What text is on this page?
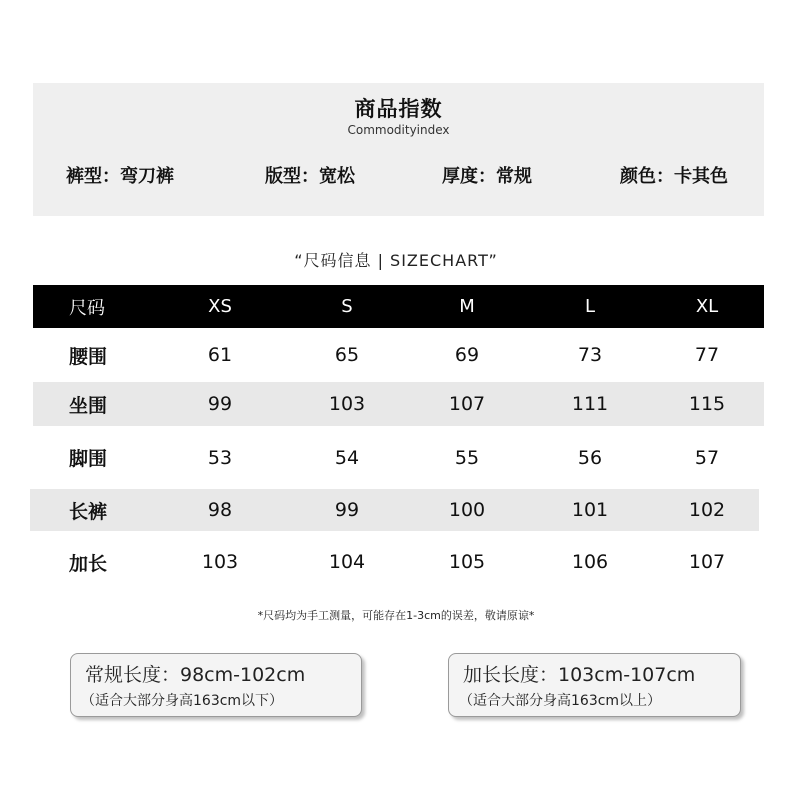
商品指数
Commodityindex
裤型：弯刀裤	版型：宽松	厚度：常规	颜色：卡其色
“尺码信息 | SIZECHART”
尺码	XS	S	M	L	XL
腰围	61	65	69	73	77
坐围	99	103	107	111	115
脚围	53	54	55	56	57
长裤	98	99	100	101	102
加长	103	104	105	106	107
*尺码均为手工测量，可能存在1-3cm的误差，敬请原谅*
常规长度：98cm-102cm
（适合大部分身高163cm以下）
加长长度：103cm-107cm
（适合大部分身高163cm以上）
